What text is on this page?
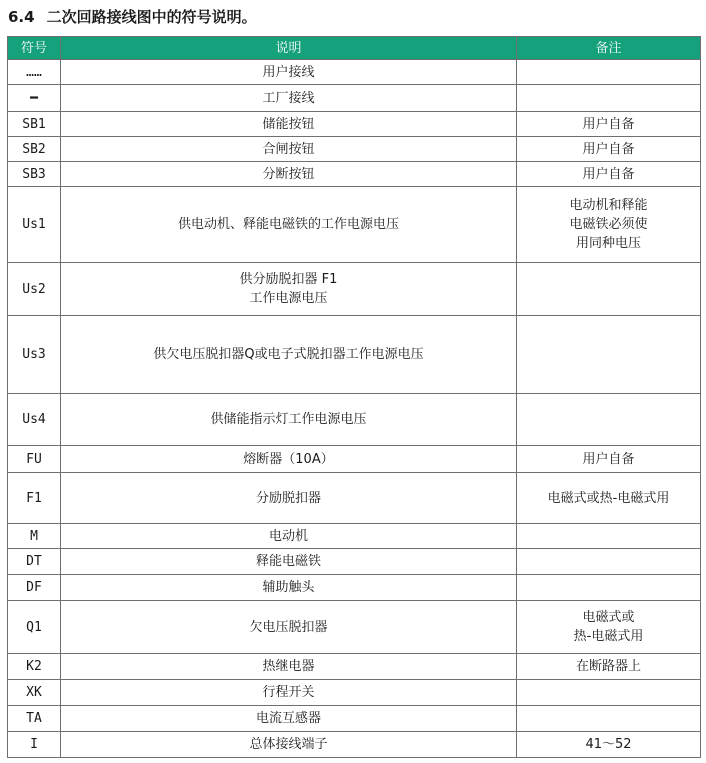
6.4 二次回路接线图中的符号说明。
符号	说明	备注
……	用户接线	
━	工厂接线	
SB1	储能按钮	用户自备
SB2	合闸按钮	用户自备
SB3	分断按钮	用户自备
Us1	供电动机、释能电磁铁的工作电源电压	电动机和释能
电磁铁必须使
用同种电压
Us2	供分励脱扣器 F1
工作电源电压	
Us3	供欠电压脱扣器Q或电子式脱扣器工作电源电压	
Us4	供储能指示灯工作电源电压	
FU	熔断器（10A）	用户自备
F1	分励脱扣器	电磁式或热-电磁式用
M	电动机	
DT	释能电磁铁	
DF	辅助触头	
Q1	欠电压脱扣器	电磁式或
热-电磁式用
K2	热继电器	在断路器上
XK	行程开关	
TA	电流互感器	
I	总体接线端子	41～52
